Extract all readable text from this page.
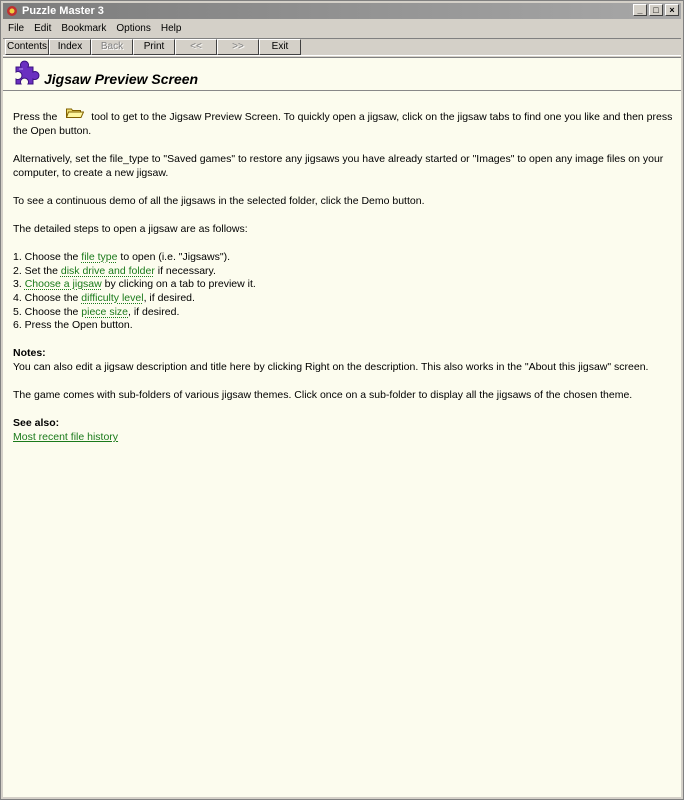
Puzzle Master 3	_	□	×
File	Edit	Bookmark	Options	Help
Contents	Index	Back	Print	<<	>>	Exit
Jigsaw Preview Screen

Press the	tool to get to the Jigsaw Preview Screen. To quickly open a jigsaw, click on the jigsaw tabs to find one you like and then press the Open button.

Alternatively, set the file_type to "Saved games" to restore any jigsaws you have already started or "Images" to open any image files on your computer, to create a new jigsaw.

To see a continuous demo of all the jigsaws in the selected folder, click the Demo button.

The detailed steps to open a jigsaw are as follows:

1. Choose the file type to open (i.e. "Jigsaws").
2. Set the disk drive and folder if necessary.
3. Choose a jigsaw by clicking on a tab to preview it.
4. Choose the difficulty level, if desired.
5. Choose the piece size, if desired.
6. Press the Open button.
Notes:

You can also edit a jigsaw description and title here by clicking Right on the description. This also works in the "About this jigsaw" screen.

The game comes with sub-folders of various jigsaw themes. Click once on a sub-folder to display all the jigsaws of the chosen theme.

See also:
Most recent file history
